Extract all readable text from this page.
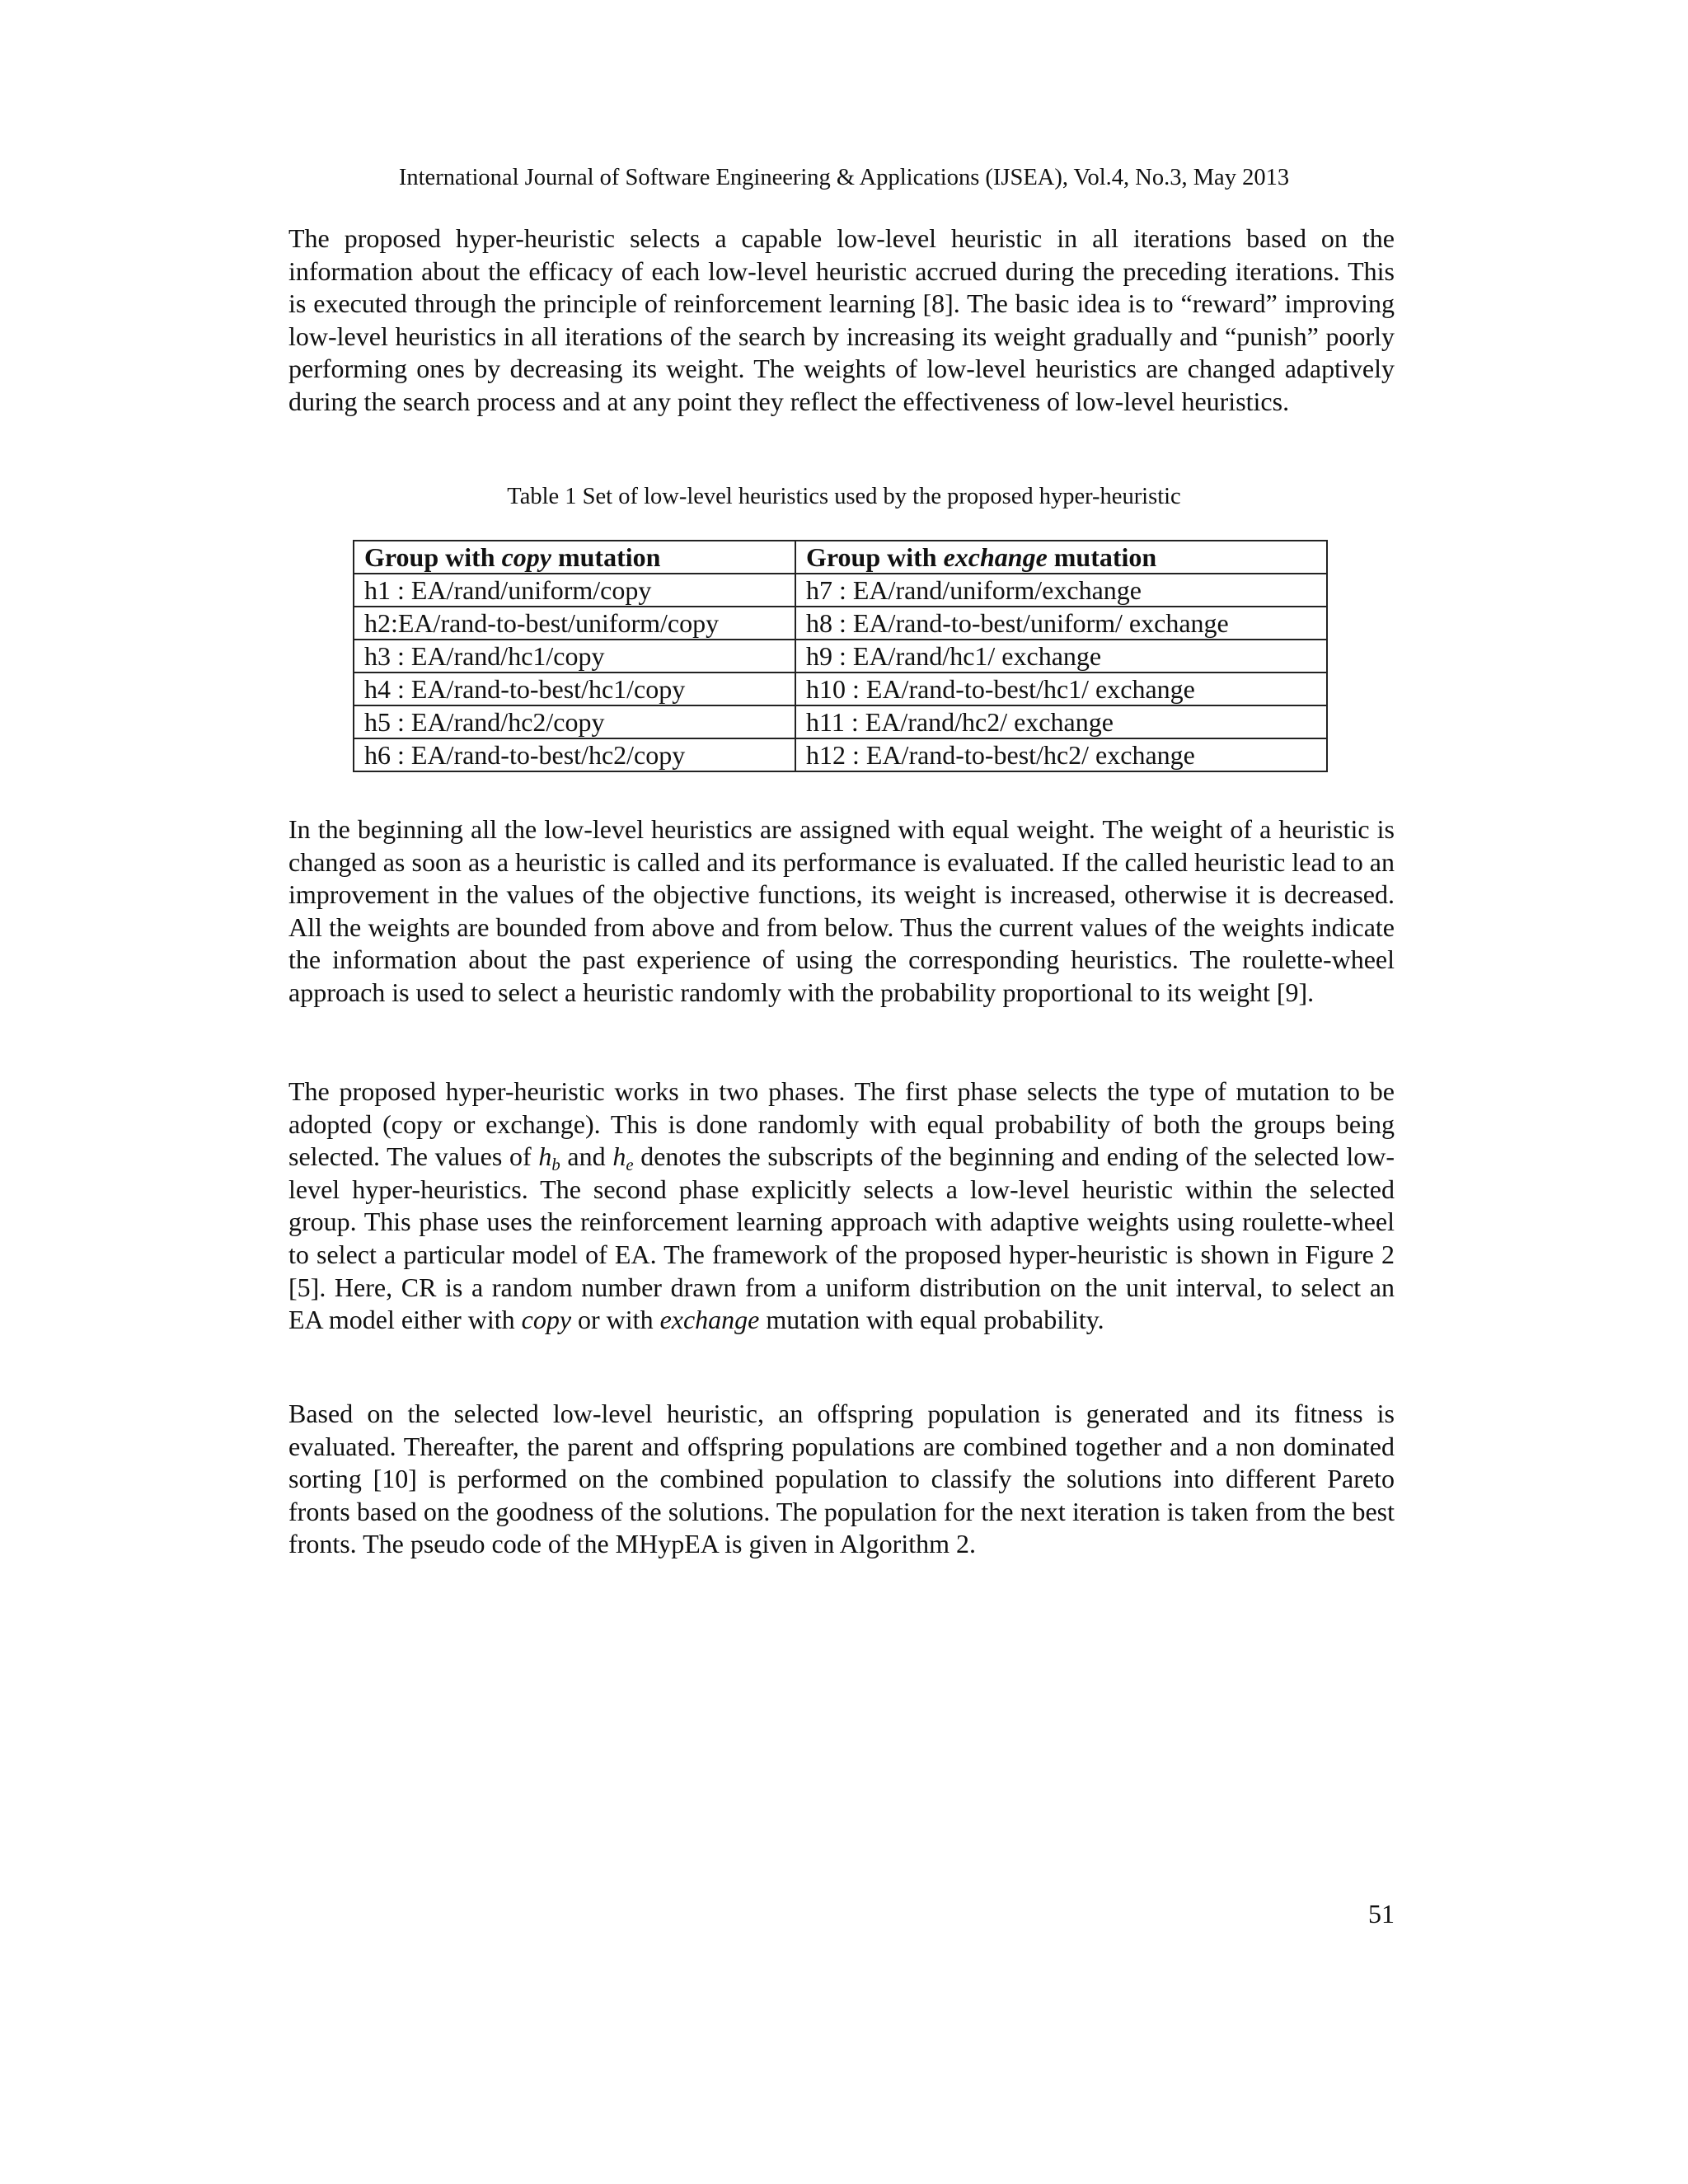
International Journal of Software Engineering & Applications (IJSEA), Vol.4, No.3, May 2013

The proposed hyper-heuristic selects a capable low-level heuristic in all iterations based on the information about the efficacy of each low-level heuristic accrued during the preceding iterations. This is executed through the principle of reinforcement learning [8]. The basic idea is to “reward” improving low-level heuristics in all iterations of the search by increasing its weight gradually and “punish” poorly performing ones by decreasing its weight. The weights of low-level heuristics are changed adaptively during the search process and at any point they reflect the effectiveness of low-level heuristics.

Table 1 Set of low-level heuristics used by the proposed hyper-heuristic
Group with copy mutation	Group with exchange mutation
h1 : EA/rand/uniform/copy	h7 : EA/rand/uniform/exchange
h2:EA/rand-to-best/uniform/copy	h8 : EA/rand-to-best/uniform/ exchange
h3 : EA/rand/hc1/copy	h9 : EA/rand/hc1/ exchange
h4 : EA/rand-to-best/hc1/copy	h10 : EA/rand-to-best/hc1/ exchange
h5 : EA/rand/hc2/copy	h11 : EA/rand/hc2/ exchange
h6 : EA/rand-to-best/hc2/copy	h12 : EA/rand-to-best/hc2/ exchange

In the beginning all the low-level heuristics are assigned with equal weight. The weight of a heuristic is changed as soon as a heuristic is called and its performance is evaluated. If the called heuristic lead to an improvement in the values of the objective functions, its weight is increased, otherwise it is decreased. All the weights are bounded from above and from below. Thus the current values of the weights indicate the information about the past experience of using the corresponding heuristics. The roulette-wheel approach is used to select a heuristic randomly with the probability proportional to its weight [9].

The proposed hyper-heuristic works in two phases. The first phase selects the type of mutation to be adopted (copy or exchange). This is done randomly with equal probability of both the groups being selected. The values of $h_b$ and $h_e$ denotes the subscripts of the beginning and ending of the selected low-level hyper-heuristics. The second phase explicitly selects a low-level heuristic within the selected group. This phase uses the reinforcement learning approach with adaptive weights using roulette-wheel to select a particular model of EA. The framework of the proposed hyper-heuristic is shown in Figure 2 [5]. Here, CR is a random number drawn from a uniform distribution on the unit interval, to select an EA model either with copy or with exchange mutation with equal probability.

Based on the selected low-level heuristic, an offspring population is generated and its fitness is evaluated. Thereafter, the parent and offspring populations are combined together and a non dominated sorting [10] is performed on the combined population to classify the solutions into different Pareto fronts based on the goodness of the solutions. The population for the next iteration is taken from the best fronts. The pseudo code of the MHypEA is given in Algorithm 2.

51
